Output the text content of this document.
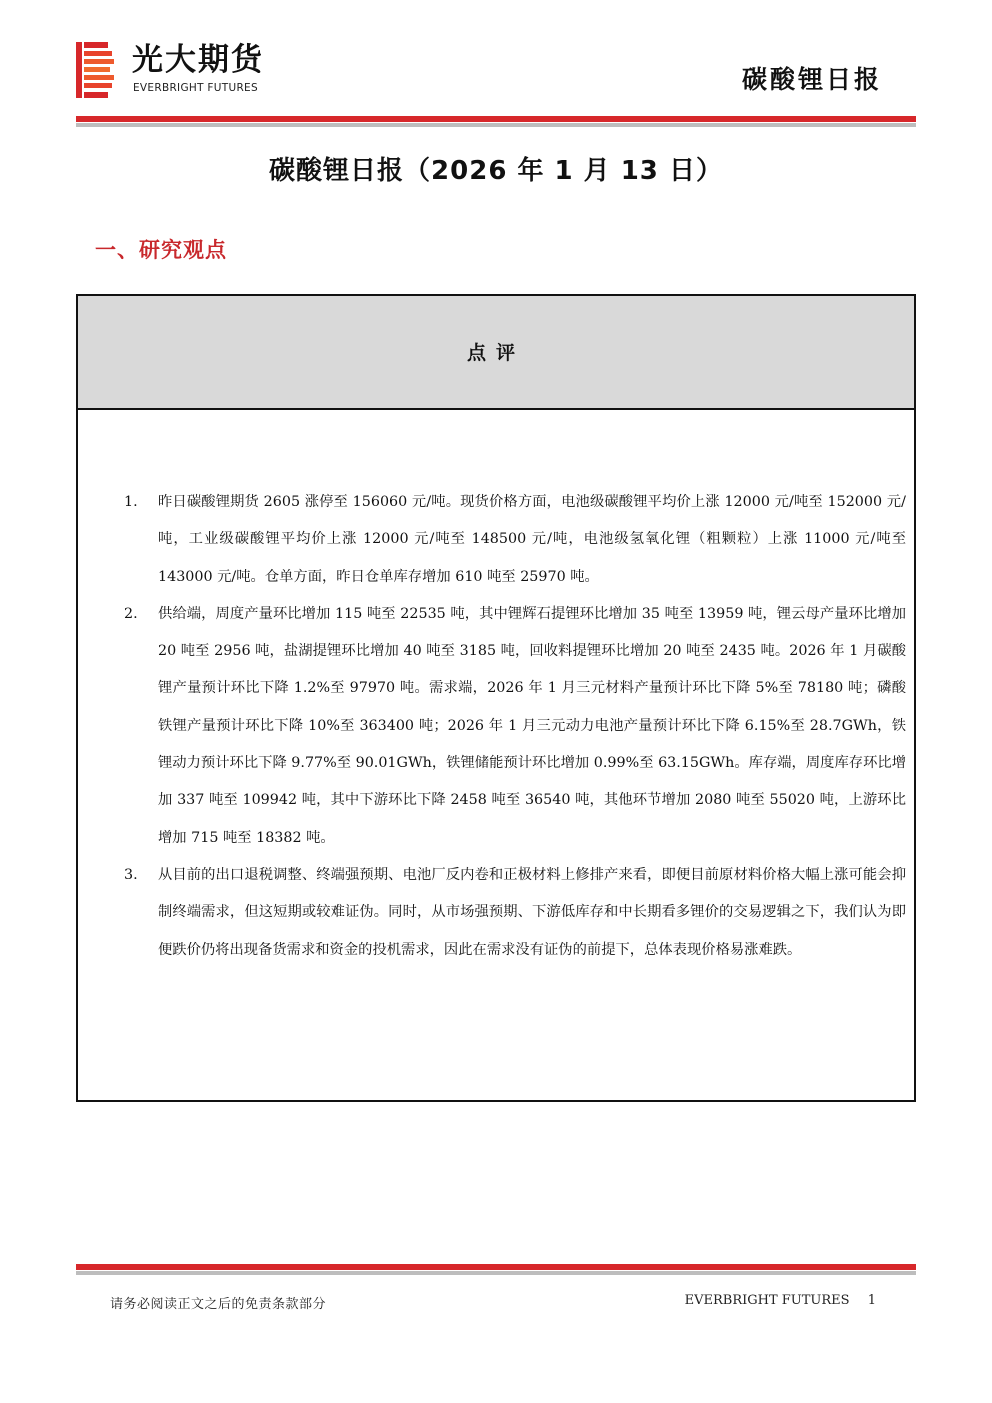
光大期货
EVERBRIGHT FUTURES	碳酸锂日报
碳酸锂日报（2026 年 1 月 13 日）
一、研究观点
点评
1.	昨日碳酸锂期货 2605 涨停至 156060 元/吨。现货价格方面，电池级碳酸锂平均价上涨 12000 元/吨至 152000 元/吨，工业级碳酸锂平均价上涨 12000 元/吨至 148500 元/吨，电池级氢氧化锂（粗颗粒）上涨 11000 元/吨至 143000 元/吨。仓单方面，昨日仓单库存增加 610 吨至 25970 吨。
2.	供给端，周度产量环比增加 115 吨至 22535 吨，其中锂辉石提锂环比增加 35 吨至 13959 吨，锂云母产量环比增加 20 吨至 2956 吨，盐湖提锂环比增加 40 吨至 3185 吨，回收料提锂环比增加 20 吨至 2435 吨。2026 年 1 月碳酸锂产量预计环比下降 1.2%至 97970 吨。需求端，2026 年 1 月三元材料产量预计环比下降 5%至 78180 吨；磷酸铁锂产量预计环比下降 10%至 363400 吨；2026 年 1 月三元动力电池产量预计环比下降 6.15%至 28.7GWh，铁锂动力预计环比下降 9.77%至 90.01GWh，铁锂储能预计环比增加 0.99%至 63.15GWh。库存端，周度库存环比增加 337 吨至 109942 吨，其中下游环比下降 2458 吨至 36540 吨，其他环节增加 2080 吨至 55020 吨，上游环比增加 715 吨至 18382 吨。
3.	从目前的出口退税调整、终端强预期、电池厂反内卷和正极材料上修排产来看，即便目前原材料价格大幅上涨可能会抑制终端需求，但这短期或较难证伪。同时，从市场强预期、下游低库存和中长期看多锂价的交易逻辑之下，我们认为即便跌价仍将出现备货需求和资金的投机需求，因此在需求没有证伪的前提下，总体表现价格易涨难跌。
请务必阅读正文之后的免责条款部分	EVERBRIGHT FUTURES 1
